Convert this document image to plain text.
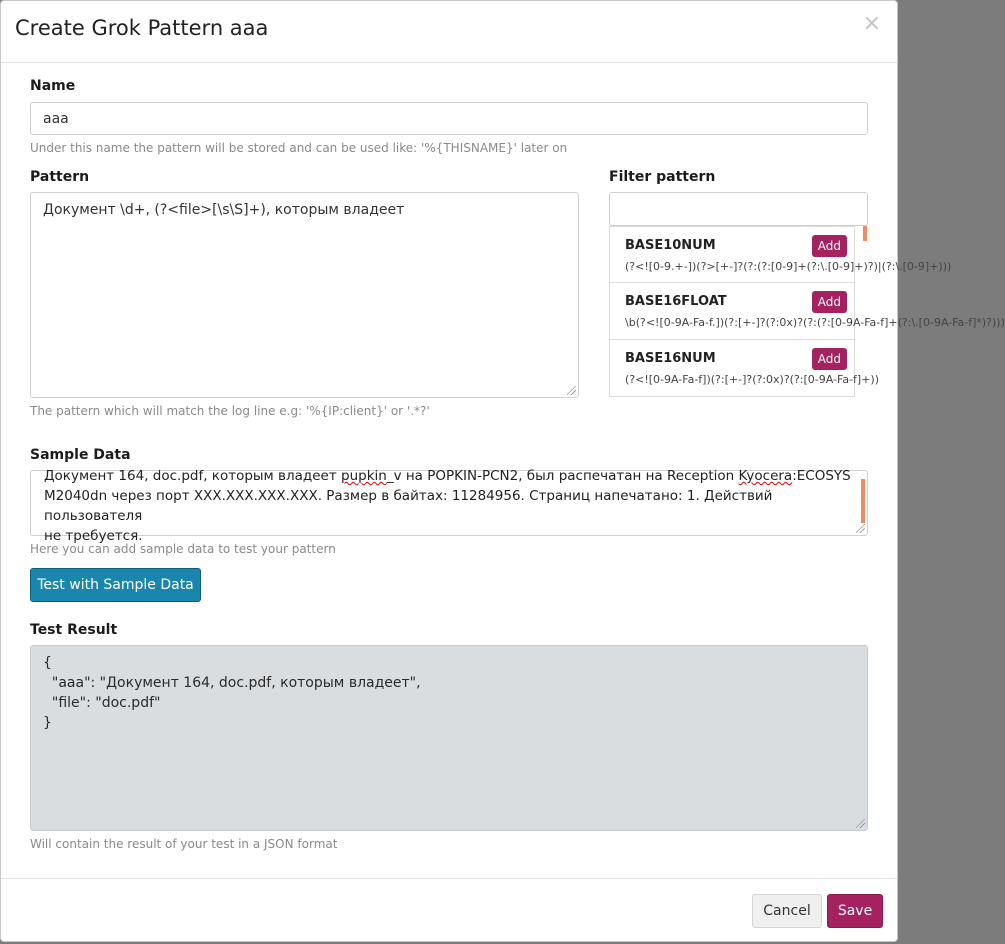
Create Grok Pattern aaa	×
Name
aaa
Under this name the pattern will be stored and can be used like: '%{THISNAME}' later on
Pattern
Документ \d+, (?<file>[\s\S]+), которым владеет
The pattern which will match the log line e.g: '%{IP:client}' or '.*?'
Filter pattern
BASE10NUM	Add
(?<![0-9.+-])(?>[+-]?(?:(?:[0-9]+(?:\.[0-9]+)?)|(?:\.[0-9]+)))
BASE16FLOAT	Add
\b(?<![0-9A-Fa-f.])(?:[+-]?(?:0x)?(?:(?:[0-9A-Fa-f]+(?:\.[0-9A-Fa-f]*)?)))
BASE16NUM	Add
(?<![0-9A-Fa-f])(?:[+-]?(?:0x)?(?:[0-9A-Fa-f]+))
Sample Data
Документ 164, doc.pdf, которым владеет pupkin_v на POPKIN-PCN2, был распечатан на Reception Kyocera:ECOSYS
M2040dn через порт XXX.XXX.XXX.XXX. Размер в байтах: 11284956. Страниц напечатано: 1. Действий пользователя
не требуется.
Here you can add sample data to test your pattern
Test with Sample Data
Test Result
{
"aaa": "Документ 164, doc.pdf, которым владеет",
"file": "doc.pdf"
}
Will contain the result of your test in a JSON format
Cancel	Save
